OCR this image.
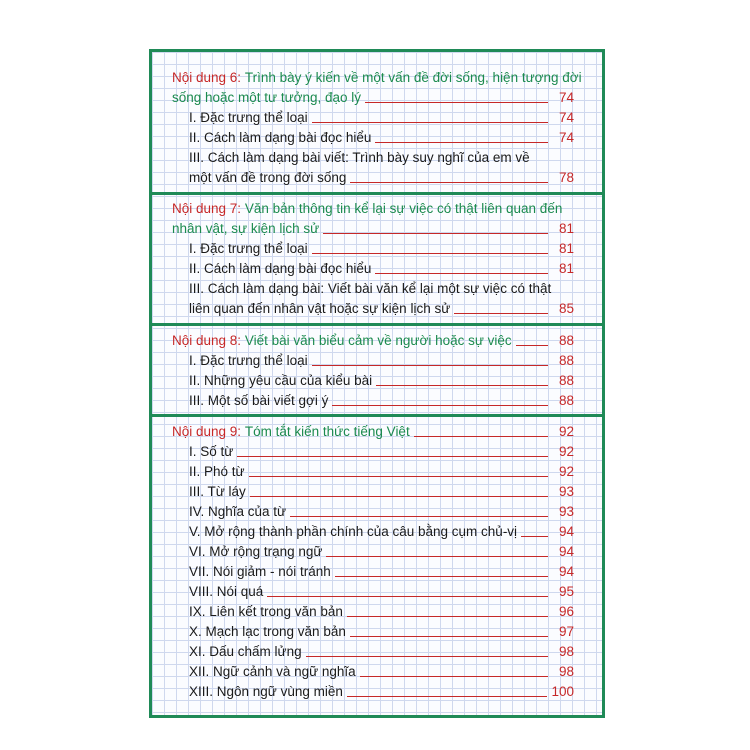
Nội dung 6:
Trình bày ý kiến về một vấn đề đời sống, hiện tượng đời
sống hoặc một tư tưởng, đạo lý	74
I. Đặc trưng thể loại	74
II. Cách làm dạng bài đọc hiểu	74
III. Cách làm dạng bài viết: Trình bày suy nghĩ của em về
một vấn đề trong đời sống	78
Nội dung 7:
Văn bản thông tin kể lại sự việc có thật liên quan đến
nhân vật, sự kiện lịch sử	81
I. Đặc trưng thể loại	81
II. Cách làm dạng bài đọc hiểu	81
III. Cách làm dạng bài: Viết bài văn kể lại một sự việc có thật
liên quan đến nhân vật hoặc sự kiện lịch sử	85
Nội dung 8:
Viết bài văn biểu cảm về người hoặc sự việc	88
I. Đặc trưng thể loại	88
II. Những yêu cầu của kiểu bài	88
III. Một số bài viết gợi ý	88
Nội dung 9:
Tóm tắt kiến thức tiếng Việt	92
I. Số từ	92
II. Phó từ	92
III. Từ láy	93
IV. Nghĩa của từ	93
V. Mở rộng thành phần chính của câu bằng cụm chủ-vị	94
VI. Mở rộng trạng ngữ	94
VII. Nói giảm - nói tránh	94
VIII. Nói quá	95
IX. Liên kết trong văn bản	96
X. Mạch lạc trong văn bản	97
XI. Dấu chấm lửng	98
XII. Ngữ cảnh và ngữ nghĩa	98
XIII. Ngôn ngữ vùng miền	100
